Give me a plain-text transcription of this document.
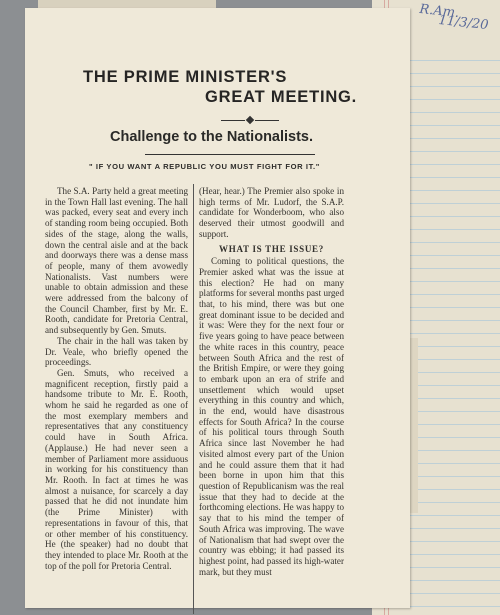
R.Am.
11/3/20
THE PRIME MINISTER'S
GREAT MEETING.
Challenge to the Nationalists.
" IF YOU WANT A REPUBLIC YOU MUST FIGHT FOR IT."

The S.A. Party held a great meeting in the Town Hall last evening. The hall was packed, every seat and every inch of standing room being occupied. Both sides of the stage, along the walls, down the central aisle and at the back and doorways there was a dense mass of people, many of them avowedly Nationalists. Vast numbers were unable to obtain admission and these were addressed from the balcony of the Council Chamber, first by Mr. E. Rooth, candidate for Pretoria Central, and subsequently by Gen. Smuts.

The chair in the hall was taken by Dr. Veale, who briefly opened the proceedings.

Gen. Smuts, who received a magnificent reception, firstly paid a handsome tribute to Mr. E. Rooth, whom he said he regarded as one of the most exemplary members and representatives that any constituency could have in South Africa. (Applause.) He had never seen a member of Parliament more assiduous in working for his constituency than Mr. Rooth. In fact at times he was almost a nuisance, for scarcely a day passed that he did not inundate him (the Prime Minister) with representations in favour of this, that or other member of his constituency. He (the speaker) had no doubt that they intended to place Mr. Rooth at the top of the poll for Pretoria Central.

(Hear, hear.) The Premier also spoke in high terms of Mr. Ludorf, the S.A.P. candidate for Wonderboom, who also deserved their utmost goodwill and support.

WHAT IS THE ISSUE?

Coming to political questions, the Premier asked what was the issue at this election? He had on many platforms for several months past urged that, to his mind, there was but one great dominant issue to be decided and it was: Were they for the next four or five years going to have peace between the white races in this country, peace between South Africa and the rest of the British Empire, or were they going to embark upon an era of strife and unsettlement which would upset everything in this country and which, in the end, would have disastrous effects for South Africa? In the course of his political tours through South Africa since last November he had visited almost every part of the Union and he could assure them that it had been borne in upon him that this question of Republicanism was the real issue that they had to decide at the forthcoming elections. He was happy to say that to his mind the temper of South Africa was improving. The wave of Nationalism that had swept over the country was ebbing; it had passed its highest point, had passed its high-water mark, but they must
